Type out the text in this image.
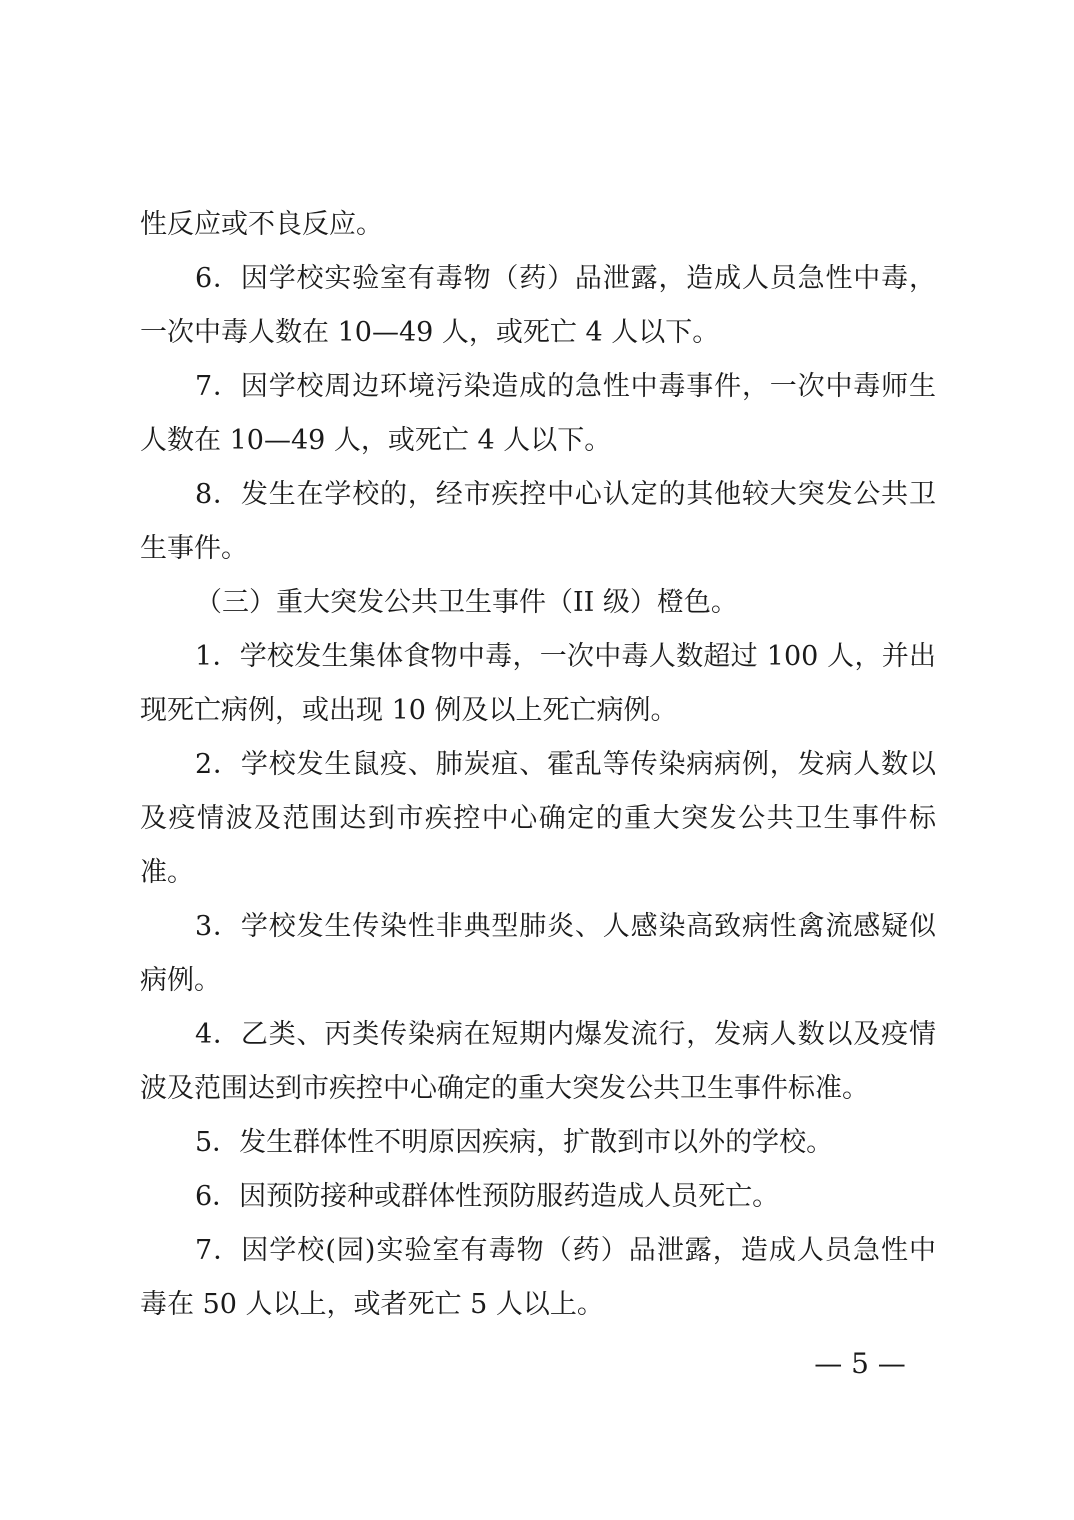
性反应或不良反应。
6．因学校实验室有毒物（药）品泄露，造成人员急性中毒，
一次中毒人数在 10—49 人，或死亡 4 人以下。
7．因学校周边环境污染造成的急性中毒事件，一次中毒师生
人数在 10—49 人，或死亡 4 人以下。
8．发生在学校的，经市疾控中心认定的其他较大突发公共卫
生事件。
（三）重大突发公共卫生事件（II 级）橙色。
1．学校发生集体食物中毒，一次中毒人数超过 100 人，并出
现死亡病例，或出现 10 例及以上死亡病例。
2．学校发生鼠疫、肺炭疽、霍乱等传染病病例，发病人数以
及疫情波及范围达到市疾控中心确定的重大突发公共卫生事件标
准。
3．学校发生传染性非典型肺炎、人感染高致病性禽流感疑似
病例。
4．乙类、丙类传染病在短期内爆发流行，发病人数以及疫情
波及范围达到市疾控中心确定的重大突发公共卫生事件标准。
5．发生群体性不明原因疾病，扩散到市以外的学校。
6．因预防接种或群体性预防服药造成人员死亡。
7．因学校(园)实验室有毒物（药）品泄露，造成人员急性中
毒在 50 人以上，或者死亡 5 人以上。
— 5 —
